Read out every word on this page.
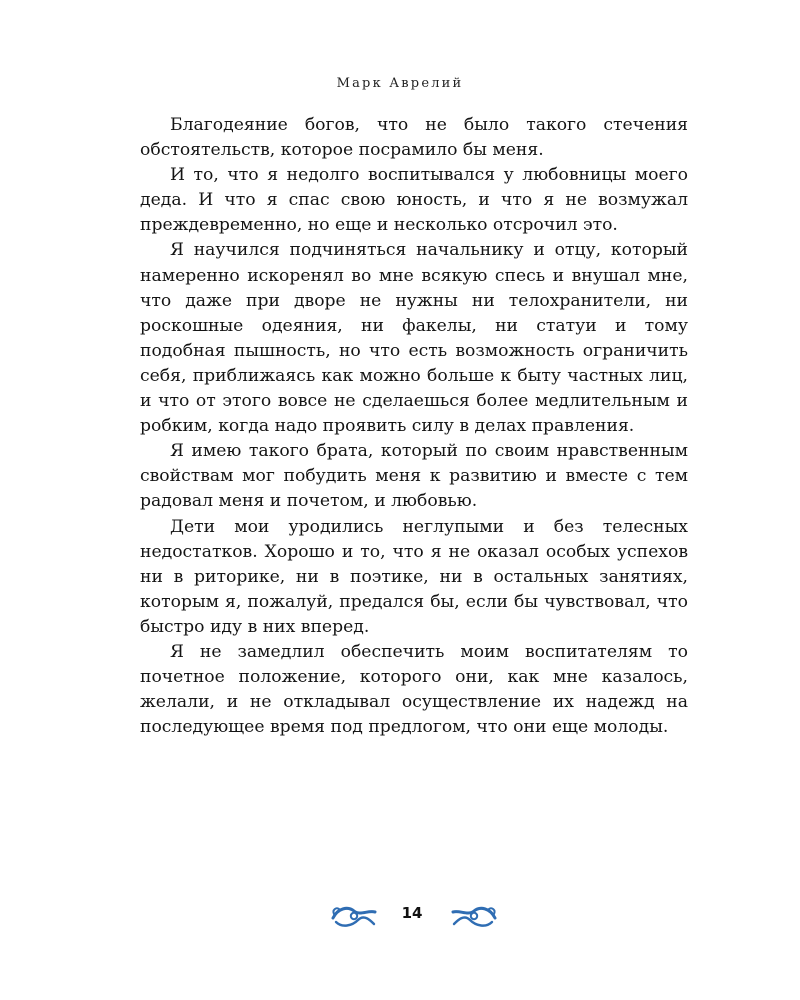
Марк Аврелий

Благодеяние богов, что не было такого стечения обстоятельств, которое посрамило бы меня.

И то, что я недолго воспитывался у любовницы моего деда. И что я спас свою юность, и что я не возмужал преждевременно, но еще и несколько отсрочил это.

Я научился подчиняться начальнику и отцу, который намеренно искоренял во мне всякую спесь и внушал мне, что даже при дворе не нужны ни телохранители, ни роскошные одеяния, ни факелы, ни статуи и тому подобная пышность, но что есть возможность ограничить себя, приближаясь как можно больше к быту частных лиц, и что от этого вовсе не сделаешься более медлительным и робким, когда надо проявить силу в делах правления.

Я имею такого брата, который по своим нравственным свойствам мог побудить меня к развитию и вместе с тем радовал меня и почетом, и любовью.

Дети мои уродились неглупыми и без телесных недостатков. Хорошо и то, что я не оказал особых успехов ни в риторике, ни в поэтике, ни в остальных занятиях, которым я, пожалуй, предался бы, если бы чувствовал, что быстро иду в них вперед.

Я не замедлил обеспечить моим воспитателям то почетное положение, которого они, как мне казалось, желали, и не откладывал осуществление их надежд на последующее время под предлогом, что они еще молоды.

14
